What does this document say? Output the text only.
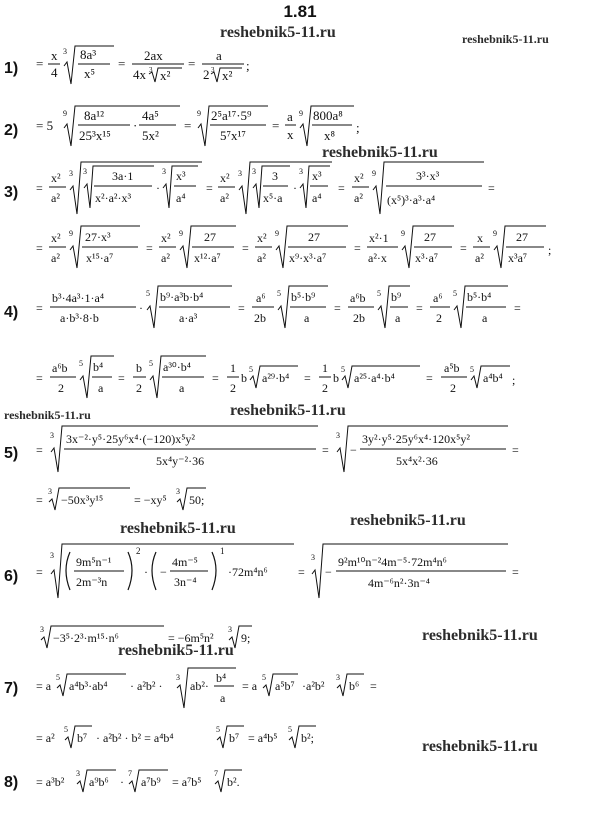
1.81
reshebnik5-11.ru	reshebnik5-11.ru
reshebnik5-11.ru
reshebnik5-11.ru	reshebnik5-11.ru
reshebnik5-11.ru	reshebnik5-11.ru
reshebnik5-11.ru
reshebnik5-11.ru
reshebnik5-11.ru
1) =
x
4
3 8a³
x⁵
=
2ax
4x 3 x²
=
a
2 3 x²
;
2) = 5
9 8a¹²
25³x¹⁵
·
4a⁵
5x²
=
9 2⁵a¹⁷·5⁹
5⁷x¹⁷
=
a
x
9 800a⁸
x⁸
;
3) =
x²
a²
3 3 3a·1
x²·a²·x³
·
3 x³
a⁴
=
x²
a²
3 3 3
x⁵·a
·
3 x³
a⁴
=
x²
a²
9	3³·x³
(x⁵)³·a³·a⁴
=
=
x²
a²
9 27·x³
x¹⁵·a⁷
=
x²
a²
9 27
x¹²·a⁷
=
x²
a²
9 27
x⁹·x³·a⁷
=
x²·1
a²·x
9 27
x³·a⁷
=
x
a²
9 27
x³a⁷
;
4) =
b³·4a³·1·a⁴
a·b³·8·b
·
5 b⁹·a³b·b⁴
a·a³
=
a⁶
2b
5 b⁵·b⁹
a
=
a⁶b
2b
5 b⁹
a
=
a⁶
2
5 b⁵·b⁴
a
=
=
a⁶b
2
5 b⁴
a
=
b
2
5 a³⁰·b⁴
a
=
1
2
b
5
a²⁹·b⁴ =
1
2
b
5
a²⁵·a⁴·b⁴	=
a⁵b
2
5
a⁴b⁴ ;
5) =
3 3x⁻²·y⁵·25y⁶x⁴·(−120)x⁵y²
5x⁴y⁻²·36
=
3
−
3y²·y⁵·25y⁶x⁴·120x⁵y²
5x⁴x²·36
=
=
3
−50x³y¹⁵	= −xy⁵
3
50;
6) =
3 9m⁵n⁻¹
2m⁻³n
2
· −
4m⁻⁵
3n⁻⁴
1
·72m⁴n⁶	=
3
−
9²m¹⁰n⁻²4m⁻⁵·72m⁴n⁶
4m⁻⁶n²·3n⁻⁴
=
3
−3⁵·2³·m¹⁵·n⁶	= −6m⁵n²
3
9;
7) = a
5
a⁴b³·ab⁴ · a²b² ·
3
ab²·
b⁴
a
= a
5
a⁵b⁷ ·a²b²
3
b⁶ =
= a²
5
b⁷ · a²b² · b² = a⁴b⁴
5
b⁷ = a⁴b⁵
5
b²;
8) = a³b²
3
a⁹b⁶ ·
7
a⁷b⁹ = a⁷b⁵
7
b².
